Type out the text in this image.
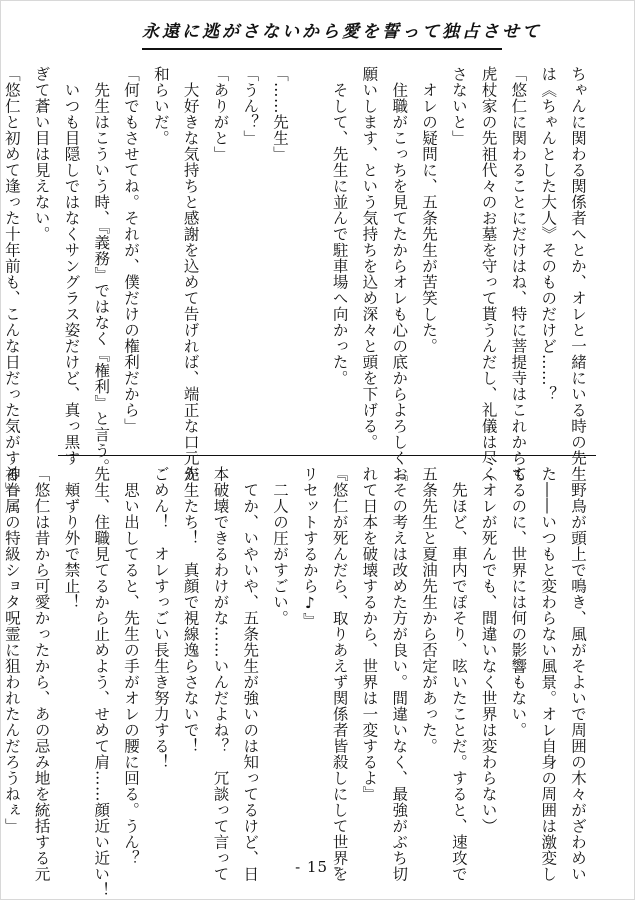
永遠に逃がさないから愛を誓って独占させて
ちゃんに関わる関係者へとか、オレと一緒にいる時の先生
は《ちゃんとした大人》そのものだけど……？
「悠仁に関わることにだけはね、特に菩提寺はこれからも
虎杖家の先祖代々のお墓を守って貰うんだし、礼儀は尽く
さないと」
　オレの疑問に、五条先生が苦笑した。
　住職がこっちを見てたからオレも心の底からよろしくお
願いします、という気持ちを込め深々と頭を下げる。
　そして、先生に並んで駐車場へ向かった。

「……先生」
「うん？」
「ありがと」
　大好きな気持ちと感謝を込めて告げれば、端正な口元が
和らいだ。
「何でもさせてね。それが、僕だけの権利だから」
　先生はこういう時、『義務』ではなく『権利』と言う。
　いつも目隠しではなくサングラス姿だけど、真っ黒す
ぎて蒼い目は見えない。
「悠仁と初めて逢った十年前も、こんな日だった気がする」
　野鳥が頭上で鳴き、風がそよいで周囲の木々がざわめい
た――いつもと変わらない風景。オレ自身の周囲は激変し
てるのに、世界には何の影響もない。
（オレが死んでも、間違いなく世界は変わらない）
　先ほど、車内でぽそり、呟いたことだ。すると、速攻で
五条先生と夏油先生から否定があった。
『その考えは改めた方が良い。間違いなく、最強がぶち切
れて日本を破壊するから、世界は一変するよ』
『悠仁が死んだら、取りあえず関係者皆殺しにして世界を
リセットするから♪』
　二人の圧がすごい。
　てか、いやいや、五条先生が強いのは知ってるけど、日
本破壊できるわけがな……いんだよね？　冗談って言って
先生たち！　真顔で視線逸らさないで！
ごめん！　オレすっごい長生き努力する！
　思い出してると、先生の手がオレの腰に回る。うん？
先生、住職見てるから止めよう、せめて肩……顔近い近い！
　頬ずり外で禁止！
「悠仁は昔から可愛かったから、あの忌み地を統括する元
神眷属の特級ショタ呪霊に狙われたんだろうねぇ」
- 15 -
